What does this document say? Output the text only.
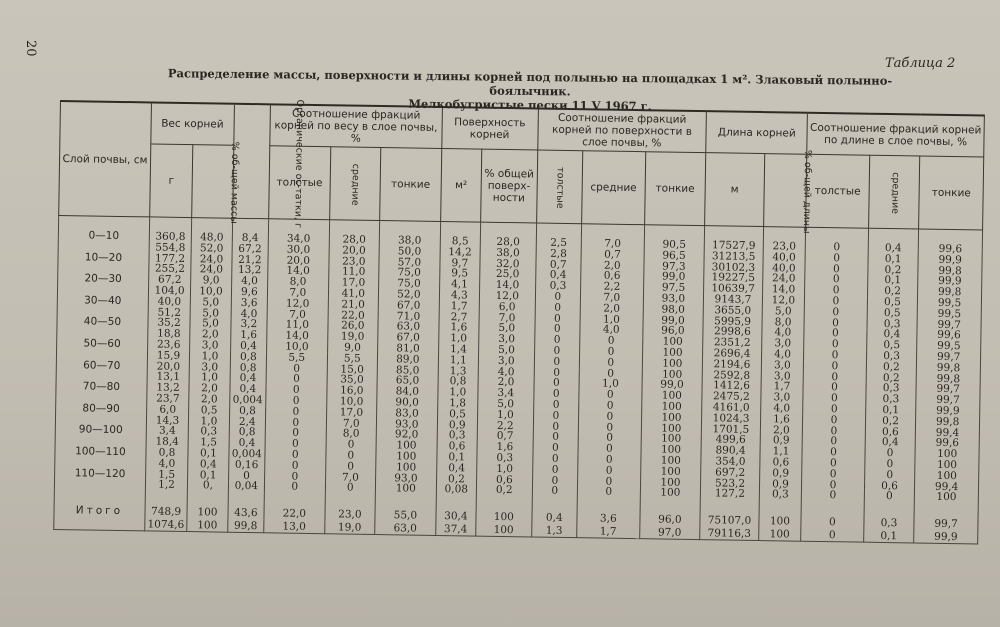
20
Таблица 2
Распределение массы, поверхности и длины корней под полынью на площадках 1 м². Злаковый полынно-боялычник.
Мелкобугристые пески 11 V 1967 г.
Слой почвы, см	Вес корней		Органические ос-татки, г	Соотношение фракций корней по весу в слое почвы, %			Поверхность корней		Соотношение фракций корней по поверхности в слое почвы, %			Длина корней		Соотношение фракций корней по длине в слое почвы, %		
	г	% об-щей массы		толстые	средние	тонкие	м²	% общей поверх-ности	толстые	средние	тонкие	м	% об-щей длины	толстые	средние	тонкие

0—10	360,8	48,0	8,4	34,0	28,0	38,0	8,5	28,0	2,5	7,0	90,5	17527,9	23,0	0	0,4	99,6
	554,8	52,0	67,2	30,0	20,0	50,0	14,2	38,0	2,8	0,7	96,5	31213,5	40,0	0	0,1	99,9
10—20	177,2	24,0	21,2	20,0	23,0	57,0	9,7	32,0	0,7	2,0	97,3	30102,3	40,0	0	0,2	99,8
	255,2	24,0	13,2	14,0	11,0	75,0	9,5	25,0	0,4	0,6	99,0	19227,5	24,0	0	0,1	99,9
20—30	67,2	9,0	4,0	8,0	17,0	75,0	4,1	14,0	0,3	2,2	97,5	10639,7	14,0	0	0,2	99,8
	104,0	10,0	9,6	7,0	41,0	52,0	4,3	12,0	0	7,0	93,0	9143,7	12,0	0	0,5	99,5
30—40	40,0	5,0	3,6	12,0	21,0	67,0	1,7	6,0	0	2,0	98,0	3655,0	5,0	0	0,5	99,5
	51,2	5,0	4,0	7,0	22,0	71,0	2,7	7,0	0	1,0	99,0	5995,9	8,0	0	0,3	99,7
40—50	35,2	5,0	3,2	11,0	26,0	63,0	1,6	5,0	0	4,0	96,0	2998,6	4,0	0	0,4	99,6
	18,8	2,0	1,6	14,0	19,0	67,0	1,0	3,0	0	0	100	2351,2	3,0	0	0,5	99,5
50—60	23,6	3,0	0,4	10,0	9,0	81,0	1,4	5,0	0	0	100	2696,4	4,0	0	0,3	99,7
	15,9	1,0	0,8	5,5	5,5	89,0	1,1	3,0	0	0	100	2194,6	3,0	0	0,2	99,8
60—70	20,0	3,0	0,8	0	15,0	85,0	1,3	4,0	0	0	100	2592,8	3,0	0	0,2	99,8
	13,1	1,0	0,4	0	35,0	65,0	0,8	2,0	0	1,0	99,0	1412,6	1,7	0	0,3	99,7
70—80	13,2	2,0	0,4	0	16,0	84,0	1,0	3,4	0	0	100	2475,2	3,0	0	0,3	99,7
	23,7	2,0	0,004	0	10,0	90,0	1,8	5,0	0	0	100	4161,0	4,0	0	0,1	99,9
80—90	6,0	0,5	0,8	0	17,0	83,0	0,5	1,0	0	0	100	1024,3	1,6	0	0,2	99,8
	14,3	1,0	2,4	0	7,0	93,0	0,9	2,2	0	0	100	1701,5	2,0	0	0,6	99,4
90—100	3,4	0,3	0,8	0	8,0	92,0	0,3	0,7	0	0	100	499,6	0,9	0	0,4	99,6
	18,4	1,5	0,4	0	0	100	0,6	1,6	0	0	100	890,4	1,1	0	0	100
100—110	0,8	0,1	0,004	0	0	100	0,1	0,3	0	0	100	354,0	0,6	0	0	100
	4,0	0,4	0,16	0	0	100	0,4	1,0	0	0	100	697,2	0,9	0	0	100
110—120	1,5	0,1	0	0	7,0	93,0	0,2	0,6	0	0	100	523,2	0,9	0	0,6	99,4
	1,2	0,	0,04	0	0	100	0,08	0,2	0	0	100	127,2	0,3	0	0	100

Итого	748,9	100	43,6	22,0	23,0	55,0	30,4	100	0,4	3,6	96,0	75107,0	100	0	0,3	99,7
	1074,6	100	99,8	13,0	19,0	63,0	37,4	100	1,3	1,7	97,0	79116,3	100	0	0,1	99,9
